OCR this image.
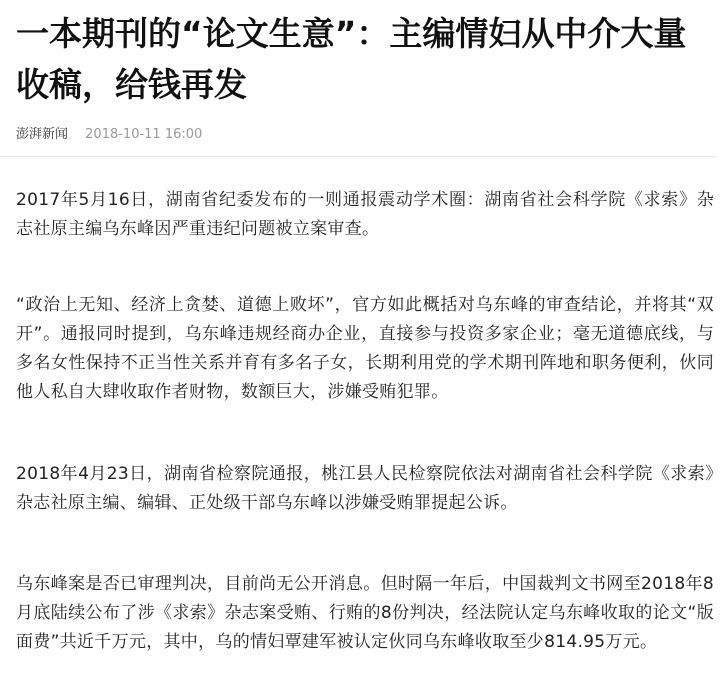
一本期刊的“论文生意”：主编情妇从中介大量收稿，给钱再发
澎湃新闻 2018-10-11 16:00

2017年5月16日，湖南省纪委发布的一则通报震动学术圈：湖南省社会科学院《求索》杂志社原主编乌东峰因严重违纪问题被立案审查。

“政治上无知、经济上贪婪、道德上败坏”，官方如此概括对乌东峰的审查结论，并将其“双开”。通报同时提到，乌东峰违规经商办企业，直接参与投资多家企业；毫无道德底线，与多名女性保持不正当性关系并育有多名子女，长期利用党的学术期刊阵地和职务便利，伙同他人私自大肆收取作者财物，数额巨大，涉嫌受贿犯罪。

2018年4月23日，湖南省检察院通报，桃江县人民检察院依法对湖南省社会科学院《求索》杂志社原主编、编辑、正处级干部乌东峰以涉嫌受贿罪提起公诉。

乌东峰案是否已审理判决，目前尚无公开消息。但时隔一年后，中国裁判文书网至2018年8月底陆续公布了涉《求索》杂志案受贿、行贿的8份判决，经法院认定乌东峰收取的论文“版面费”共近千万元，其中，乌的情妇覃建军被认定伙同乌东峰收取至少814.95万元。
